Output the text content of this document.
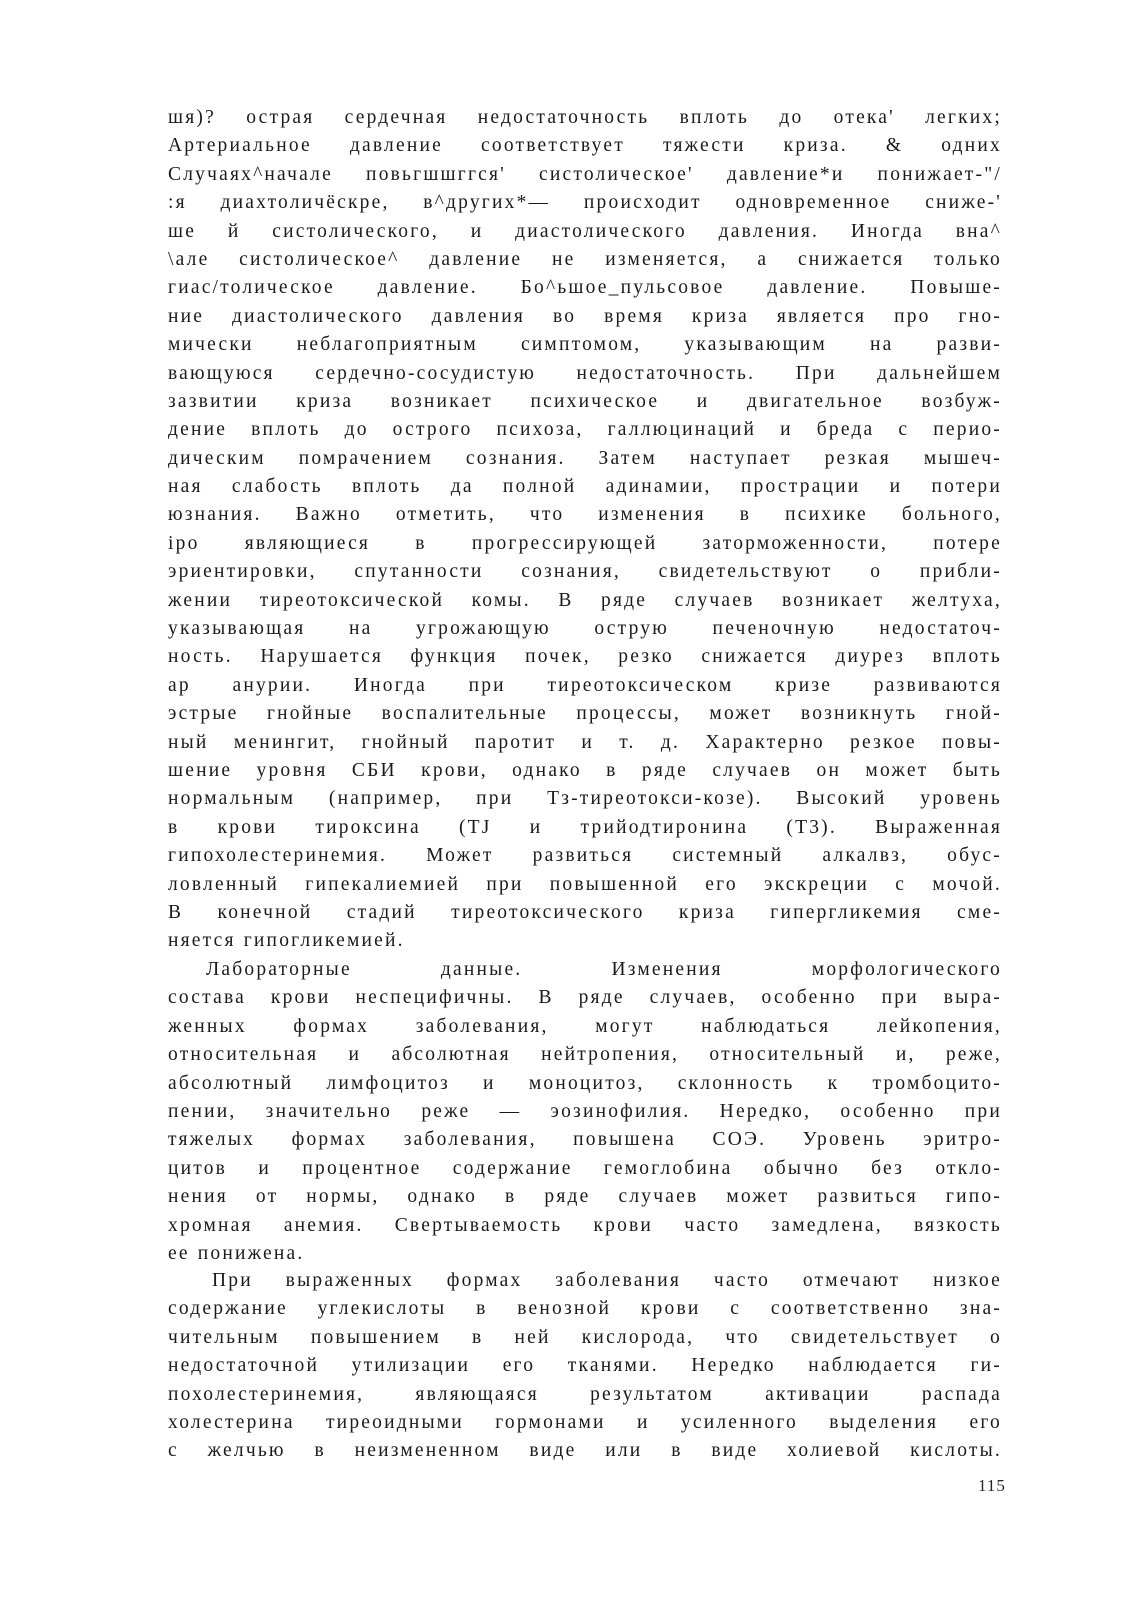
шя)? острая сердечная недостаточность вплоть до отека' легких;
Артериальное давление соответствует тяжести криза. & одних
Случаях^начале повьгшшггся' систолическое' давление*и понижает-"/
:я диахтоличёскре, в^других*— происходит одновременное сниже-'
ше й систолического, и диастолического давления. Иногда вна^
\але систолическое^ давление не изменяется, а снижается только
гиас/толическое давление. Бо^ьшое_пульсовое давление. Повыше-
ние диастолического давления во время криза является про гно-
мически неблагоприятным симптомом, указывающим на разви-
вающуюся сердечно-сосудистую недостаточность. При дальнейшем
зазвитии криза возникает психическое и двигательное возбуж-
дение вплоть до острого психоза, галлюцинаций и бреда с перио-
дическим помрачением сознания. Затем наступает резкая мышеч-
ная слабость вплоть да полной адинамии, прострации и потери
юзнания. Важно отметить, что изменения в психике больного,
iро являющиеся в прогрессирующей заторможенности, потере
эриентировки, спутанности сознания, свидетельствуют о прибли-
жении тиреотоксической комы. В ряде случаев возникает желтуха,
указывающая на угрожающую острую печеночную недостаточ-
ность. Нарушается функция почек, резко снижается диурез вплоть
ар анурии. Иногда при тиреотоксическом кризе развиваются
эстрые гнойные воспалительные процессы, может возникнуть гной-
ный менингит, гнойный паротит и т. д. Характерно резкое повы-
шение уровня СБИ крови, однако в ряде случаев он может быть
нормальным (например, при Тз-тиреотокси-козе). Высокий уровень
в крови тироксина (TJ и трийодтиронина (Т3). Выраженная
гипохолестеринемия. Может развиться системный алкалвз, обус-
ловленный гипекалиемией при повышенной его экскреции с мочой.
В конечной стадий тиреотоксического криза гипергликемия сме-
няется гипогликемией.
Лабораторные данные. Изменения морфологического
состава крови неспецифичны. В ряде случаев, особенно при выра-
женных формах заболевания, могут наблюдаться лейкопения,
относительная и абсолютная нейтропения, относительный и, реже,
абсолютный лимфоцитоз и моноцитоз, склонность к тромбоцито-
пении, значительно реже — эозинофилия. Нередко, особенно при
тяжелых формах заболевания, повышена СОЭ. Уровень эритро-
цитов и процентное содержание гемоглобина обычно без откло-
нения от нормы, однако в ряде случаев может развиться гипо-
хромная анемия. Свертываемость крови часто замедлена, вязкость
ее понижена.
При выраженных формах заболевания часто отмечают низкое
содержание углекислоты в венозной крови с соответственно зна-
чительным повышением в ней кислорода, что свидетельствует о
недостаточной утилизации его тканями. Нередко наблюдается ги-
похолестеринемия, являющаяся результатом активации распада
холестерина тиреоидными гормонами и усиленного выделения его
с желчью в неизмененном виде или в виде холиевой кислоты.
115
